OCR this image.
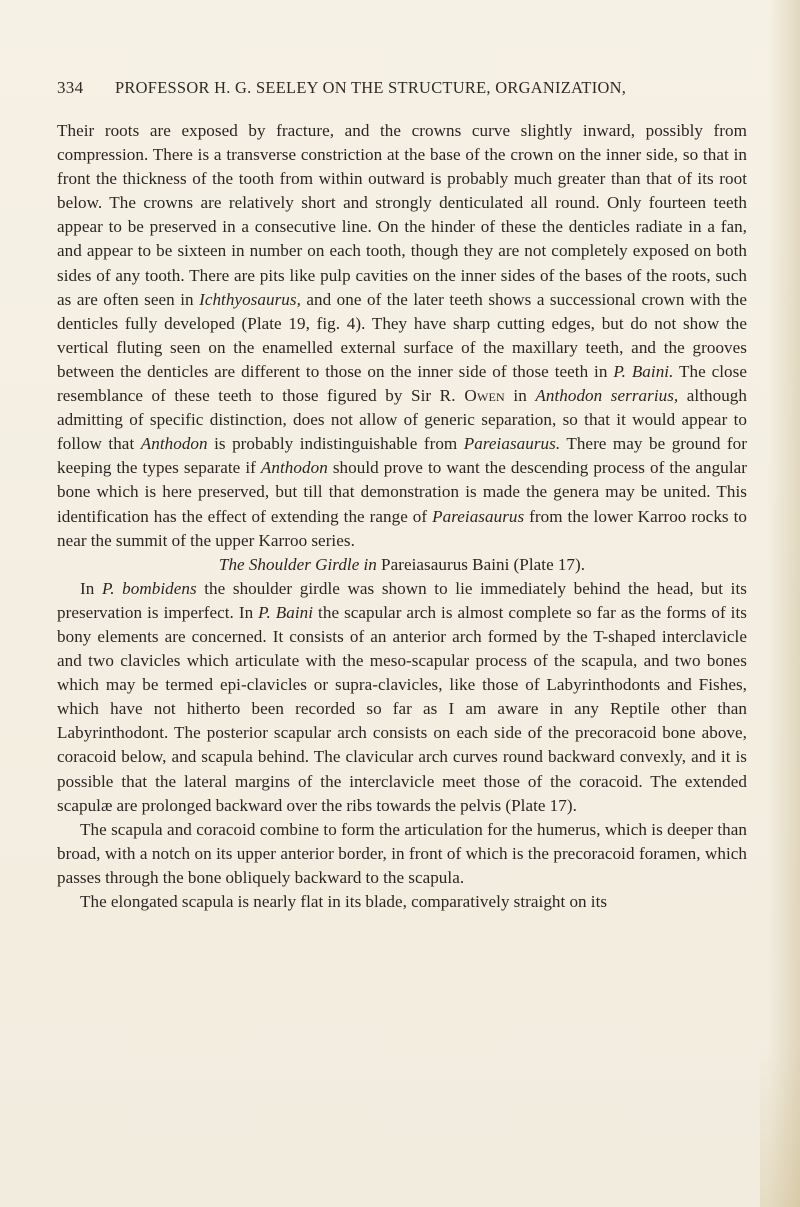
334 PROFESSOR H. G. SEELEY ON THE STRUCTURE, ORGANIZATION,

Their roots are exposed by fracture, and the crowns curve slightly inward, possibly from compression. There is a transverse constriction at the base of the crown on the inner side, so that in front the thickness of the tooth from within outward is probably much greater than that of its root below. The crowns are relatively short and strongly denticulated all round. Only fourteen teeth appear to be preserved in a consecutive line. On the hinder of these the denticles radiate in a fan, and appear to be sixteen in number on each tooth, though they are not completely exposed on both sides of any tooth. There are pits like pulp cavities on the inner sides of the bases of the roots, such as are often seen in Ichthyosaurus, and one of the later teeth shows a successional crown with the denticles fully developed (Plate 19, fig. 4). They have sharp cutting edges, but do not show the vertical fluting seen on the enamelled external surface of the maxillary teeth, and the grooves between the denticles are different to those on the inner side of those teeth in P. Baini. The close resemblance of these teeth to those figured by Sir R. Owen in Anthodon serrarius, although admitting of specific distinction, does not allow of generic separation, so that it would appear to follow that Anthodon is probably indistinguishable from Pareiasaurus. There may be ground for keeping the types separate if Anthodon should prove to want the descending process of the angular bone which is here preserved, but till that demonstration is made the genera may be united. This identification has the effect of extending the range of Pareiasaurus from the lower Karroo rocks to near the summit of the upper Karroo series.

The Shoulder Girdle in Pareiasaurus Baini (Plate 17).

In P. bombidens the shoulder girdle was shown to lie immediately behind the head, but its preservation is imperfect. In P. Baini the scapular arch is almost complete so far as the forms of its bony elements are concerned. It consists of an anterior arch formed by the T-shaped interclavicle and two clavicles which articulate with the meso-scapular process of the scapula, and two bones which may be termed epi-clavicles or supra-clavicles, like those of Labyrinthodonts and Fishes, which have not hitherto been recorded so far as I am aware in any Reptile other than Labyrinthodont. The posterior scapular arch consists on each side of the precoracoid bone above, coracoid below, and scapula behind. The clavicular arch curves round backward convexly, and it is possible that the lateral margins of the interclavicle meet those of the coracoid. The extended scapulæ are prolonged backward over the ribs towards the pelvis (Plate 17).

The scapula and coracoid combine to form the articulation for the humerus, which is deeper than broad, with a notch on its upper anterior border, in front of which is the precoracoid foramen, which passes through the bone obliquely backward to the scapula.

The elongated scapula is nearly flat in its blade, comparatively straight on its
